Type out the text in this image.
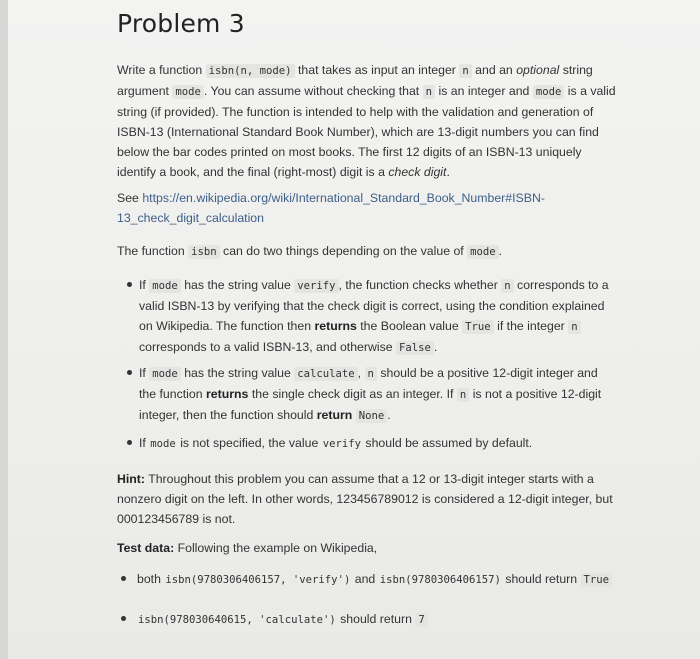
Problem 3

Write a function isbn(n, mode) that takes as input an integer n and an optional string argument mode . You can assume without checking that n is an integer and mode is a valid string (if provided). The function is intended to help with the validation and generation of ISBN-13 (International Standard Book Number), which are 13-digit numbers you can find below the bar codes printed on most books. The first 12 digits of an ISBN-13 uniquely identify a book, and the final (right-most) digit is a check digit.

See https://en.wikipedia.org/wiki/International_Standard_Book_Number#ISBN-
13_check_digit_calculation

The function isbn can do two things depending on the value of mode .

If mode has the string value verify , the function checks whether n corresponds to a valid ISBN-13 by verifying that the check digit is correct, using the condition explained on Wikipedia. The function then returns the Boolean value True if the integer n corresponds to a valid ISBN-13, and otherwise False .

If mode has the string value calculate , n should be a positive 12-digit integer and the function returns the single check digit as an integer. If n is not a positive 12-digit integer, then the function should return None .

If mode is not specified, the value verify should be assumed by default.

Hint: Throughout this problem you can assume that a 12 or 13-digit integer starts with a nonzero digit on the left. In other words, 123456789012 is considered a 12-digit integer, but 000123456789 is not.

Test data: Following the example on Wikipedia,

both isbn(9780306406157, 'verify') and isbn(9780306406157) should return True

isbn(978030640615, 'calculate') should return 7
